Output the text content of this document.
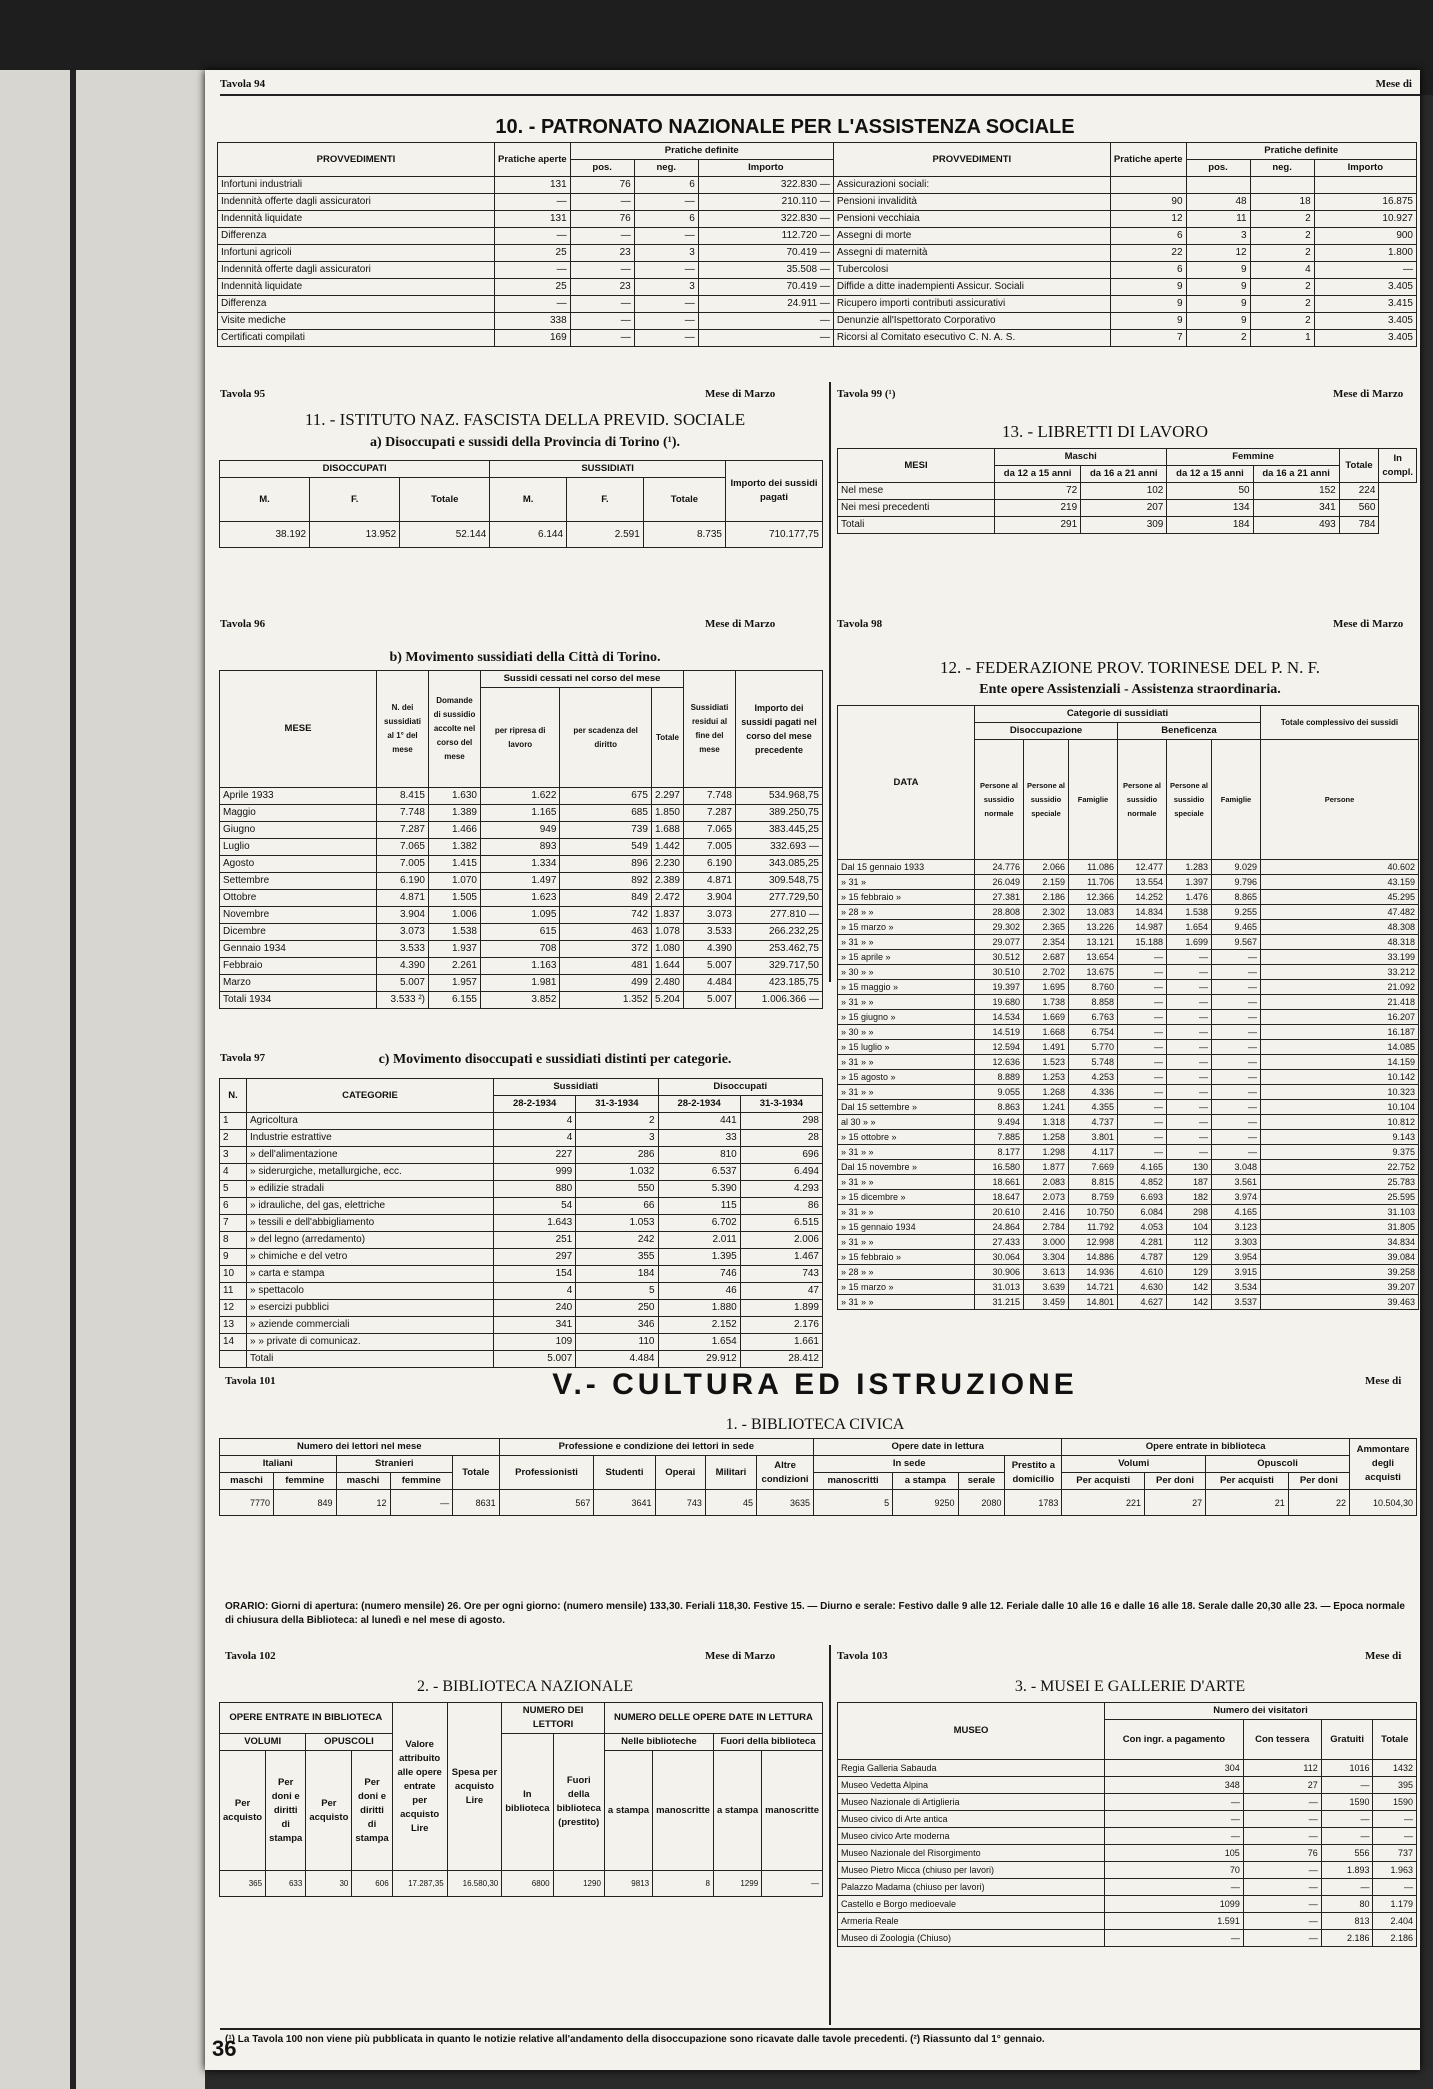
Tavola 94	Mese di
10. - PATRONATO NAZIONALE PER L'ASSISTENZA SOCIALE
PROVVEDIMENTI	Pratiche aperte	Pratiche definite			PROVVEDIMENTI	Pratiche aperte	Pratiche definite		
		pos.	neg.	Importo			pos.	neg.	Importo
Infortuni industriali	131	76	6	322.830 —	Assicurazioni sociali:				
Indennità offerte dagli assicuratori	—	—	—	210.110 —	Pensioni invalidità	90	48	18	16.875
Indennità liquidate	131	76	6	322.830 —	Pensioni vecchiaia	12	11	2	10.927
Differenza	—	—	—	112.720 —	Assegni di morte	6	3	2	900
Infortuni agricoli	25	23	3	70.419 —	Assegni di maternità	22	12	2	1.800
Indennità offerte dagli assicuratori	—	—	—	35.508 —	Tubercolosi	6	9	4	—
Indennità liquidate	25	23	3	70.419 —	Diffide a ditte inadempienti Assicur. Sociali	9	9	2	3.405
Differenza	—	—	—	24.911 —	Ricupero importi contributi assicurativi	9	9	2	3.415
Visite mediche	338	—	—	—	Denunzie all'Ispettorato Corporativo	9	9	2	3.405
Certificati compilati	169	—	—	—	Ricorsi al Comitato esecutivo C. N. A. S.	7	2	1	3.405
Tavola 95	Mese di Marzo	Tavola 99 (¹)	Mese di Marzo
11. - ISTITUTO NAZ. FASCISTA DELLA PREVID. SOCIALE
a) Disoccupati e sussidi della Provincia di Torino (¹).
DISOCCUPATI			SUSSIDIATI			Importo dei sussidi pagati
M.	F.	Totale	M.	F.	Totale	
38.192	13.952	52.144	6.144	2.591	8.735	710.177,75
13. - LIBRETTI DI LAVORO
MESI	Maschi		Femmine		Totale	In compl.
	da 12 a 15 anni	da 16 a 21 anni	da 12 a 15 anni	da 16 a 21 anni		
Nel mese	72	102	50	152	224	
Nei mesi precedenti	219	207	134	341	560	
Totali	291	309	184	493	784	
Tavola 96	Mese di Marzo	Tavola 98	Mese di Marzo
b) Movimento sussidiati della Città di Torino.
MESE	N. dei sussidiati al 1° del mese	Domande di sussidio accolte nel corso del mese	Sussidi cessati nel corso del mese			Sussidiati residui al fine del mese	Importo dei sussidi pagati nel corso del mese precedente
			per ripresa di lavoro	per scadenza del diritto	Totale		
Aprile 1933	8.415	1.630	1.622	675	2.297	7.748	534.968,75
Maggio	7.748	1.389	1.165	685	1.850	7.287	389.250,75
Giugno	7.287	1.466	949	739	1.688	7.065	383.445,25
Luglio	7.065	1.382	893	549	1.442	7.005	332.693 —
Agosto	7.005	1.415	1.334	896	2.230	6.190	343.085,25
Settembre	6.190	1.070	1.497	892	2.389	4.871	309.548,75
Ottobre	4.871	1.505	1.623	849	2.472	3.904	277.729,50
Novembre	3.904	1.006	1.095	742	1.837	3.073	277.810 —
Dicembre	3.073	1.538	615	463	1.078	3.533	266.232,25
Gennaio 1934	3.533	1.937	708	372	1.080	4.390	253.462,75
Febbraio	4.390	2.261	1.163	481	1.644	5.007	329.717,50
Marzo	5.007	1.957	1.981	499	2.480	4.484	423.185,75
Totali 1934	3.533 ²)	6.155	3.852	1.352	5.204	5.007	1.006.366 —
Tavola 97	c) Movimento disoccupati e sussidiati distinti per categorie.
N.	CATEGORIE	Sussidiati		Disoccupati	
		28-2-1934	31-3-1934	28-2-1934	31-3-1934
1	Agricoltura	4	2	441	298
2	Industrie estrattive	4	3	33	28
3	» dell'alimentazione	227	286	810	696
4	» siderurgiche, metallurgiche, ecc.	999	1.032	6.537	6.494
5	» edilizie stradali	880	550	5.390	4.293
6	» idrauliche, del gas, elettriche	54	66	115	86
7	» tessili e dell'abbigliamento	1.643	1.053	6.702	6.515
8	» del legno (arredamento)	251	242	2.011	2.006
9	» chimiche e del vetro	297	355	1.395	1.467
10	» carta e stampa	154	184	746	743
11	» spettacolo	4	5	46	47
12	» esercizi pubblici	240	250	1.880	1.899
13	» aziende commerciali	341	346	2.152	2.176
14	» » private di comunicaz.	109	110	1.654	1.661
	Totali	5.007	4.484	29.912	28.412
12. - FEDERAZIONE PROV. TORINESE DEL P. N. F.
Ente opere Assistenziali - Assistenza straordinaria.
DATA	Categorie di sussidiati						Totale complessivo dei sussidi
	Disoccupazione			Beneficenza			
	Persone al sussidio normale	Persone al sussidio speciale	Famiglie	Persone al sussidio normale	Persone al sussidio speciale	Famiglie	Persone
Dal 15 gennaio 1933	24.776	2.066	11.086	12.477	1.283	9.029	40.602
» 31 »	26.049	2.159	11.706	13.554	1.397	9.796	43.159
» 15 febbraio »	27.381	2.186	12.366	14.252	1.476	8.865	45.295
» 28 » »	28.808	2.302	13.083	14.834	1.538	9.255	47.482
» 15 marzo »	29.302	2.365	13.226	14.987	1.654	9.465	48.308
» 31 » »	29.077	2.354	13.121	15.188	1.699	9.567	48.318
» 15 aprile »	30.512	2.687	13.654	—	—	—	33.199
» 30 » »	30.510	2.702	13.675	—	—	—	33.212
» 15 maggio »	19.397	1.695	8.760	—	—	—	21.092
» 31 » »	19.680	1.738	8.858	—	—	—	21.418
» 15 giugno »	14.534	1.669	6.763	—	—	—	16.207
» 30 » »	14.519	1.668	6.754	—	—	—	16.187
» 15 luglio »	12.594	1.491	5.770	—	—	—	14.085
» 31 » »	12.636	1.523	5.748	—	—	—	14.159
» 15 agosto »	8.889	1.253	4.253	—	—	—	10.142
» 31 » »	9.055	1.268	4.336	—	—	—	10.323
Dal 15 settembre »	8.863	1.241	4.355	—	—	—	10.104
al 30 » »	9.494	1.318	4.737	—	—	—	10.812
» 15 ottobre »	7.885	1.258	3.801	—	—	—	9.143
» 31 » »	8.177	1.298	4.117	—	—	—	9.375
Dal 15 novembre »	16.580	1.877	7.669	4.165	130	3.048	22.752
» 31 » »	18.661	2.083	8.815	4.852	187	3.561	25.783
» 15 dicembre »	18.647	2.073	8.759	6.693	182	3.974	25.595
» 31 » »	20.610	2.416	10.750	6.084	298	4.165	31.103
» 15 gennaio 1934	24.864	2.784	11.792	4.053	104	3.123	31.805
» 31 » »	27.433	3.000	12.998	4.281	112	3.303	34.834
» 15 febbraio »	30.064	3.304	14.886	4.787	129	3.954	39.084
» 28 » »	30.906	3.613	14.936	4.610	129	3.915	39.258
» 15 marzo »	31.013	3.639	14.721	4.630	142	3.534	39.207
» 31 » »	31.215	3.459	14.801	4.627	142	3.537	39.463
Tavola 101	Mese di
V.- CULTURA ED ISTRUZIONE
1. - BIBLIOTECA CIVICA
Numero dei lettori nel mese					Professione e condizione dei lettori in sede					Opere date in lettura				Opere entrate in biblioteca				Ammontare degli acquisti
Italiani		Stranieri		Totale	Professionisti	Studenti	Operai	Militari	Altre condizioni	In sede			Prestito a domicilio	Volumi		Opuscoli		
maschi	femmine	maschi	femmine							manoscritti	a stampa	serale		Per acquisti	Per doni	Per acquisti	Per doni	
7770	849	12	—	8631	567	3641	743	45	3635	5	9250	2080	1783	221	27	21	22	10.504,30
ORARIO: Giorni di apertura: (numero mensile) 26. Ore per ogni giorno: (numero mensile) 133,30. Feriali 118,30. Festive 15. — Diurno e serale: Festivo dalle 9 alle 12. Feriale dalle 10 alle 16 e dalle 16 alle 18. Serale dalle 20,30 alle 23. — Epoca normale di chiusura della Biblioteca: al lunedì e nel mese di agosto.
Tavola 102	Mese di Marzo	Tavola 103	Mese di
2. - BIBLIOTECA NAZIONALE
OPERE ENTRATE IN BIBLIOTECA				Valore attribuito alle opere entrate per acquisto Lire	Spesa per acquisto Lire	NUMERO DEI LETTORI		NUMERO DELLE OPERE DATE IN LETTURA			
VOLUMI		OPUSCOLI				In biblioteca	Fuori della biblioteca (prestito)	Nelle biblioteche		Fuori della biblioteca	
Per acquisto	Per doni e diritti di stampa	Per acquisto	Per doni e diritti di stampa					a stampa	manoscritte	a stampa	manoscritte
365	633	30	606	17.287,35	16.580,30	6800	1290	9813	8	1299	—
3. - MUSEI E GALLERIE D'ARTE
MUSEO	Numero dei visitatori			
	Con ingr. a pagamento	Con tessera	Gratuiti	Totale
Regia Galleria Sabauda	304	112	1016	1432
Museo Vedetta Alpina	348	27	—	395
Museo Nazionale di Artiglieria	—	—	1590	1590
Museo civico di Arte antica	—	—	—	—
Museo civico Arte moderna	—	—	—	—
Museo Nazionale del Risorgimento	105	76	556	737
Museo Pietro Micca (chiuso per lavori)	70	—	1.893	1.963
Palazzo Madama (chiuso per lavori)	—	—	—	—
Castello e Borgo medioevale	1099	—	80	1.179
Armeria Reale	1.591	—	813	2.404
Museo di Zoologia (Chiuso)	—	—	2.186	2.186
(¹) La Tavola 100 non viene più pubblicata in quanto le notizie relative all'andamento della disoccupazione sono ricavate dalle tavole precedenti. (²) Riassunto dal 1° gennaio.
36
